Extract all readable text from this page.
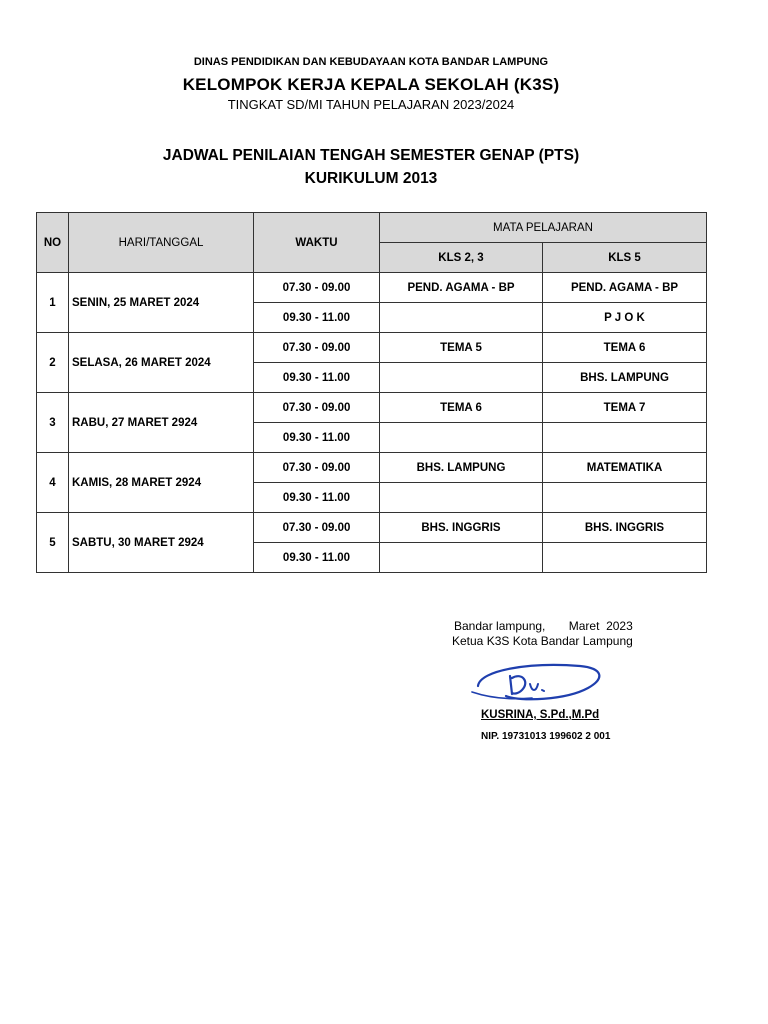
DINAS PENDIDIKAN DAN KEBUDAYAAN KOTA BANDAR LAMPUNG
KELOMPOK KERJA KEPALA SEKOLAH (K3S)
TINGKAT SD/MI TAHUN PELAJARAN 2023/2024
JADWAL PENILAIAN TENGAH SEMESTER GENAP (PTS)
KURIKULUM 2013
NO	HARI/TANGGAL	WAKTU	MATA PELAJARAN	
			KLS 2, 3	KLS 5
1	SENIN, 25 MARET 2024	07.30 - 09.00	PEND. AGAMA - BP	PEND. AGAMA - BP
		09.30 - 11.00		P J O K
2	SELASA, 26 MARET 2024	07.30 - 09.00	TEMA 5	TEMA 6
		09.30 - 11.00		BHS. LAMPUNG
3	RABU, 27 MARET 2924	07.30 - 09.00	TEMA 6	TEMA 7
		09.30 - 11.00		
4	KAMIS, 28 MARET 2924	07.30 - 09.00	BHS. LAMPUNG	MATEMATIKA
		09.30 - 11.00		
5	SABTU, 30 MARET 2924	07.30 - 09.00	BHS. INGGRIS	BHS. INGGRIS
		09.30 - 11.00		
Bandar lampung,       Maret  2023
Ketua K3S Kota Bandar Lampung
KUSRINA, S.Pd.,M.Pd
NIP. 19731013 199602 2 001
